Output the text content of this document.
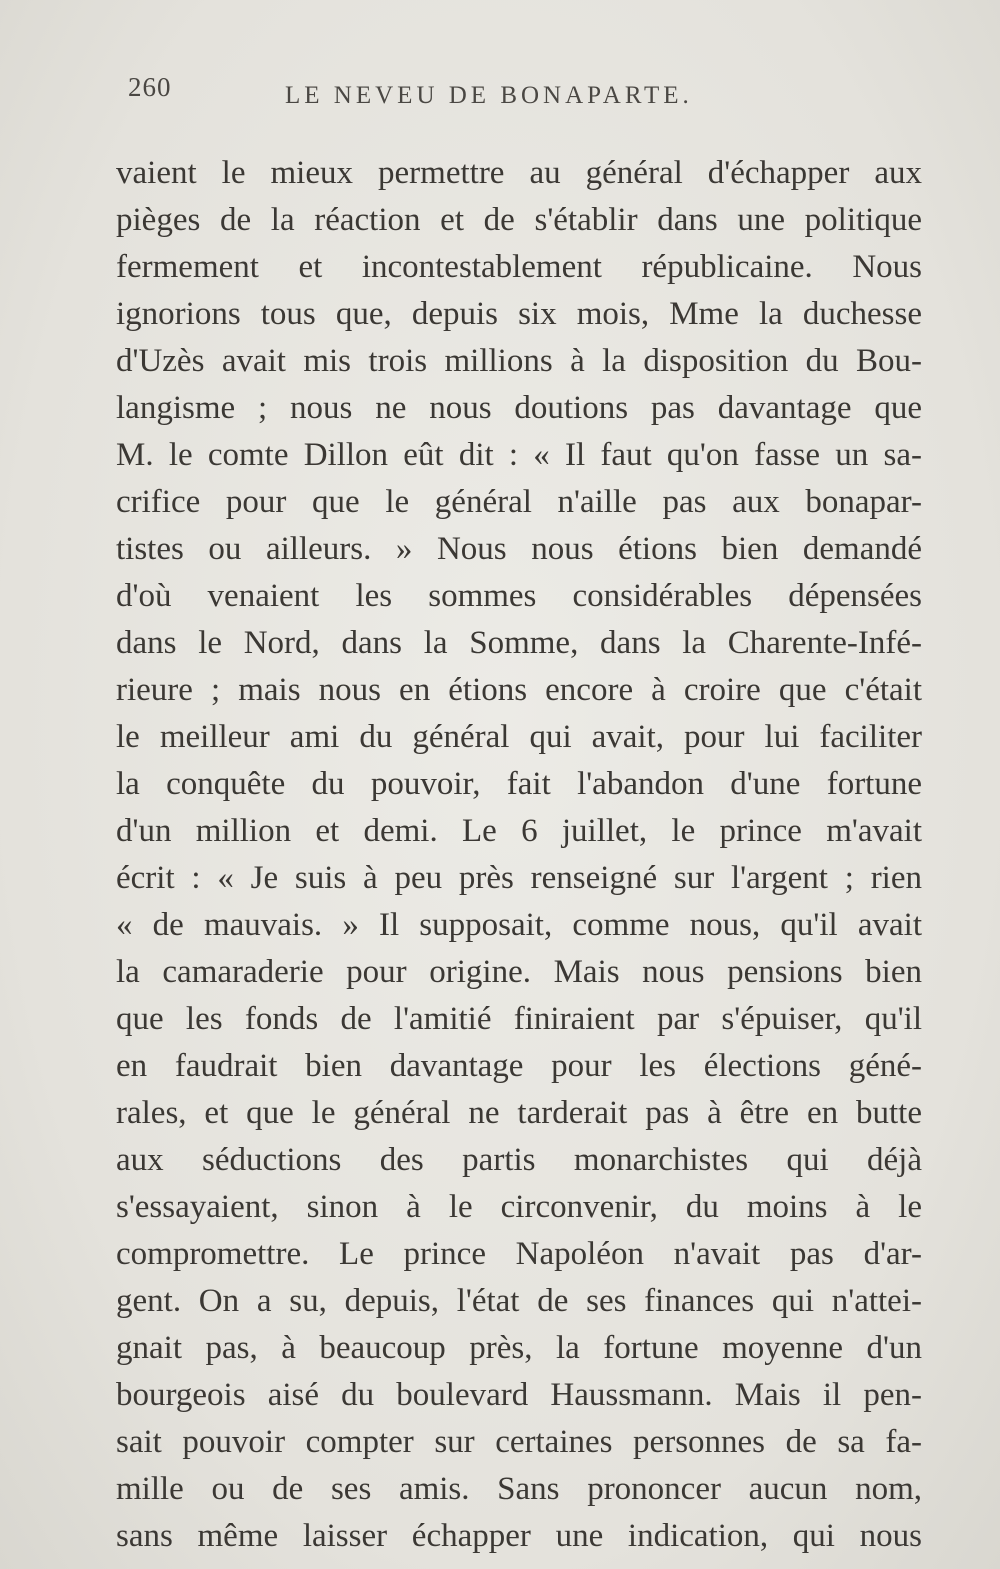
260	LE NEVEU DE BONAPARTE.
vaient le mieux permettre au général d'échapper aux
pièges de la réaction et de s'établir dans une politique
fermement et incontestablement républicaine. Nous
ignorions tous que, depuis six mois, Mme la duchesse
d'Uzès avait mis trois millions à la disposition du Bou-
langisme ; nous ne nous doutions pas davantage que
M. le comte Dillon eût dit : « Il faut qu'on fasse un sa-
crifice pour que le général n'aille pas aux bonapar-
tistes ou ailleurs. » Nous nous étions bien demandé
d'où venaient les sommes considérables dépensées
dans le Nord, dans la Somme, dans la Charente-Infé-
rieure ; mais nous en étions encore à croire que c'était
le meilleur ami du général qui avait, pour lui faciliter
la conquête du pouvoir, fait l'abandon d'une fortune
d'un million et demi. Le 6 juillet, le prince m'avait
écrit : « Je suis à peu près renseigné sur l'argent ; rien
« de mauvais. » Il supposait, comme nous, qu'il avait
la camaraderie pour origine. Mais nous pensions bien
que les fonds de l'amitié finiraient par s'épuiser, qu'il
en faudrait bien davantage pour les élections géné-
rales, et que le général ne tarderait pas à être en butte
aux séductions des partis monarchistes qui déjà
s'essayaient, sinon à le circonvenir, du moins à le
compromettre. Le prince Napoléon n'avait pas d'ar-
gent. On a su, depuis, l'état de ses finances qui n'attei-
gnait pas, à beaucoup près, la fortune moyenne d'un
bourgeois aisé du boulevard Haussmann. Mais il pen-
sait pouvoir compter sur certaines personnes de sa fa-
mille ou de ses amis. Sans prononcer aucun nom,
sans même laisser échapper une indication, qui nous
